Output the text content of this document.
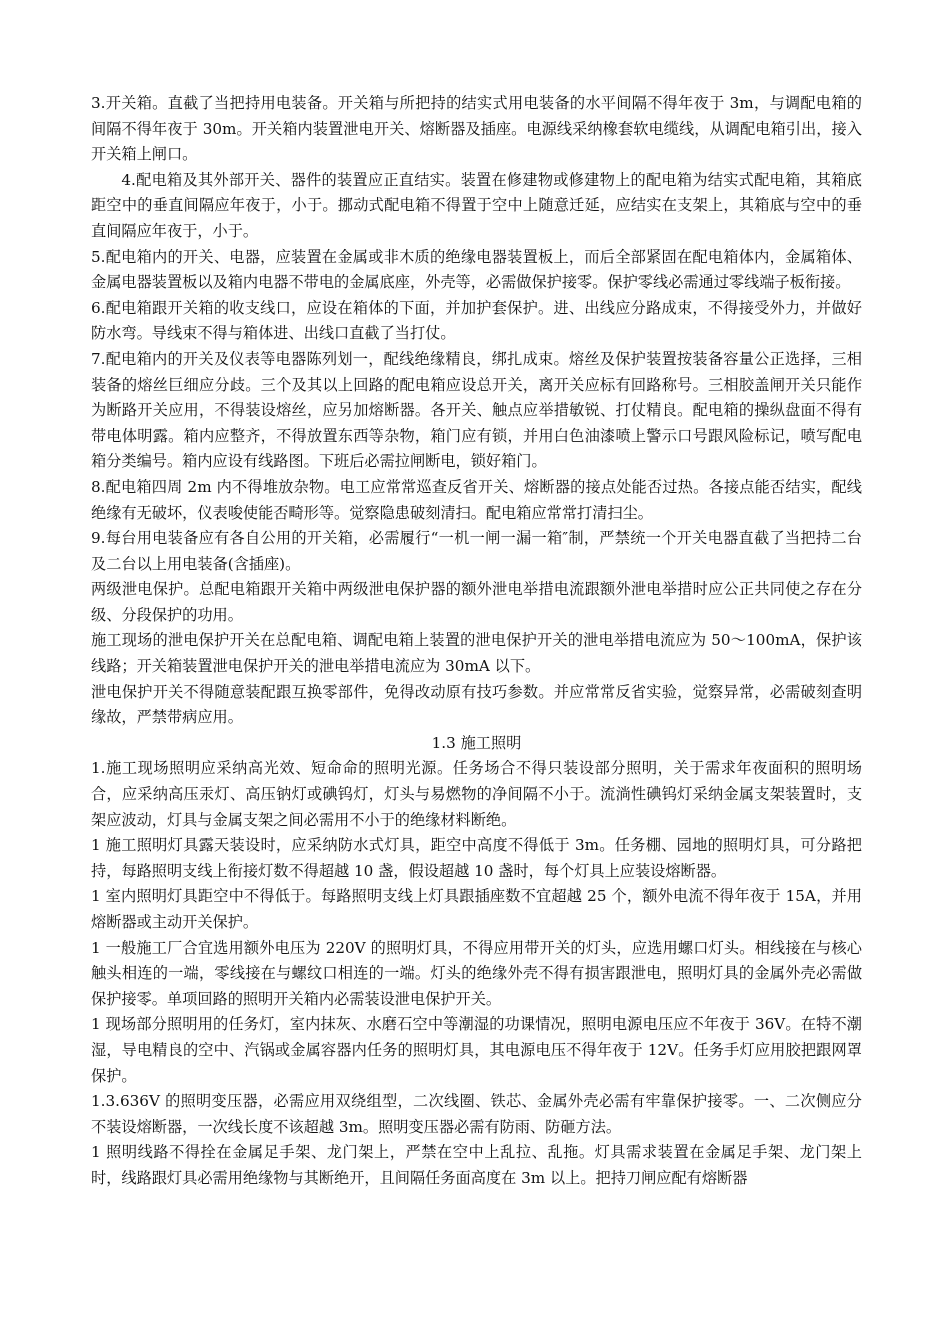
3.开关箱。直截了当把持用电装备。开关箱与所把持的结实式用电装备的水平间隔不得年夜于 3m，与调配电箱的间隔不得年夜于 30m。开关箱内装置泄电开关、熔断器及插座。电源线采纳橡套软电缆线，从调配电箱引出，接入开关箱上闸口。

4.配电箱及其外部开关、器件的装置应正直结实。装置在修建物或修建物上的配电箱为结实式配电箱，其箱底距空中的垂直间隔应年夜于，小于。挪动式配电箱不得置于空中上随意迁延，应结实在支架上，其箱底与空中的垂直间隔应年夜于，小于。

5.配电箱内的开关、电器，应装置在金属或非木质的绝缘电器装置板上，而后全部紧固在配电箱体内，金属箱体、金属电器装置板以及箱内电器不带电的金属底座，外壳等，必需做保护接零。保护零线必需通过零线端子板衔接。

6.配电箱跟开关箱的收支线口，应设在箱体的下面，并加护套保护。进、出线应分路成束，不得接受外力，并做好防水弯。导线束不得与箱体进、出线口直截了当打仗。

7.配电箱内的开关及仪表等电器陈列划一，配线绝缘精良，绑扎成束。熔丝及保护装置按装备容量公正选择，三相装备的熔丝巨细应分歧。三个及其以上回路的配电箱应设总开关，离开关应标有回路称号。三相胶盖闸开关只能作为断路开关应用，不得装设熔丝，应另加熔断器。各开关、触点应举措敏锐、打仗精良。配电箱的操纵盘面不得有带电体明露。箱内应整齐，不得放置东西等杂物，箱门应有锁，并用白色油漆喷上警示口号跟风险标记，喷写配电箱分类编号。箱内应设有线路图。下班后必需拉闸断电，锁好箱门。

8.配电箱四周 2m 内不得堆放杂物。电工应常常巡查反省开关、熔断器的接点处能否过热。各接点能否结实，配线绝缘有无破坏，仪表唆使能否畸形等。觉察隐患破刻清扫。配电箱应常常打清扫尘。

9.每台用电装备应有各自公用的开关箱，必需履行“一机一闸一漏一箱″制，严禁统一个开关电器直截了当把持二台及二台以上用电装备(含插座)。

两级泄电保护。总配电箱跟开关箱中两级泄电保护器的额外泄电举措电流跟额外泄电举措时应公正共同使之存在分级、分段保护的功用。

施工现场的泄电保护开关在总配电箱、调配电箱上装置的泄电保护开关的泄电举措电流应为 50～100mA，保护该线路；开关箱装置泄电保护开关的泄电举措电流应为 30mA 以下。

泄电保护开关不得随意装配跟互换零部件，免得改动原有技巧参数。并应常常反省实验，觉察异常，必需破刻查明缘故，严禁带病应用。

1.3 施工照明

1.施工现场照明应采纳高光效、短命命的照明光源。任务场合不得只装设部分照明，关于需求年夜面积的照明场合，应采纳高压汞灯、高压钠灯或碘钨灯，灯头与易燃物的净间隔不小于。流淌性碘钨灯采纳金属支架装置时，支架应波动，灯具与金属支架之间必需用不小于的绝缘材料断绝。

1 施工照明灯具露天装设时，应采纳防水式灯具，距空中高度不得低于 3m。任务棚、园地的照明灯具，可分路把持，每路照明支线上衔接灯数不得超越 10 盏，假设超越 10 盏时，每个灯具上应装设熔断器。

1 室内照明灯具距空中不得低于。每路照明支线上灯具跟插座数不宜超越 25 个，额外电流不得年夜于 15A，并用熔断器或主动开关保护。

1 一般施工厂合宜选用额外电压为 220V 的照明灯具，不得应用带开关的灯头，应选用螺口灯头。相线接在与核心触头相连的一端，零线接在与螺纹口相连的一端。灯头的绝缘外壳不得有损害跟泄电，照明灯具的金属外壳必需做保护接零。单项回路的照明开关箱内必需装设泄电保护开关。

1 现场部分照明用的任务灯，室内抹灰、水磨石空中等潮湿的功课情况，照明电源电压应不年夜于 36V。在特不潮湿，导电精良的空中、汽锅或金属容器内任务的照明灯具，其电源电压不得年夜于 12V。任务手灯应用胶把跟网罩保护。

1.3.636V 的照明变压器，必需应用双绕组型，二次线圈、铁芯、金属外壳必需有牢靠保护接零。一、二次侧应分不装设熔断器，一次线长度不该超越 3m。照明变压器必需有防雨、防砸方法。

1 照明线路不得拴在金属足手架、龙门架上，严禁在空中上乱拉、乱拖。灯具需求装置在金属足手架、龙门架上时，线路跟灯具必需用绝缘物与其断绝开，且间隔任务面高度在 3m 以上。把持刀闸应配有熔断器
